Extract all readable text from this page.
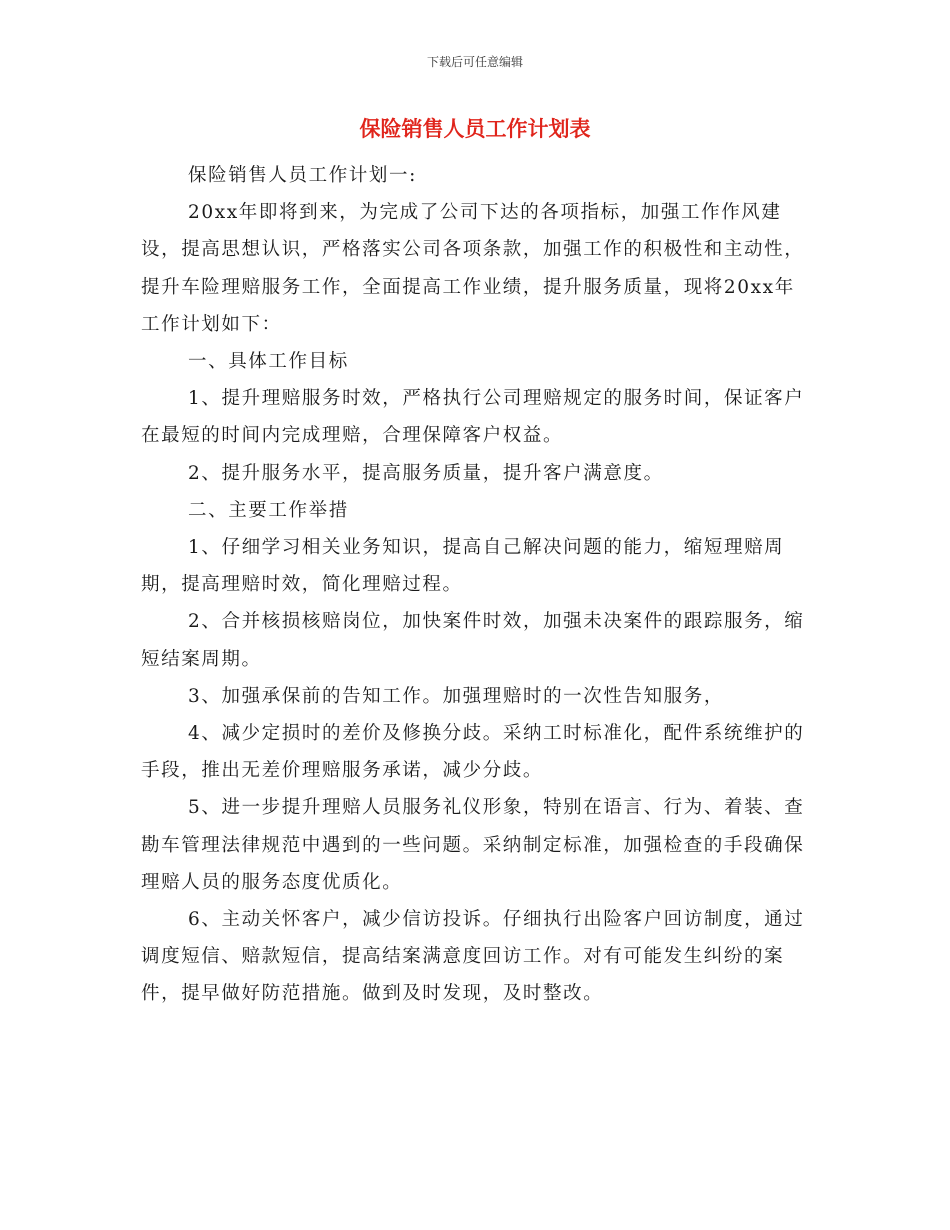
下载后可任意编辑
保险销售人员工作计划表

保险销售人员工作计划一:

20xx年即将到来，为完成了公司下达的各项指标，加强工作作风建设，提高思想认识，严格落实公司各项条款，加强工作的积极性和主动性，提升车险理赔服务工作，全面提高工作业绩，提升服务质量，现将20xx年工作计划如下：

一、具体工作目标

1、提升理赔服务时效，严格执行公司理赔规定的服务时间，保证客户在最短的时间内完成理赔，合理保障客户权益。

2、提升服务水平，提高服务质量，提升客户满意度。

二、主要工作举措

1、仔细学习相关业务知识，提高自己解决问题的能力，缩短理赔周期，提高理赔时效，简化理赔过程。

2、合并核损核赔岗位，加快案件时效，加强未决案件的跟踪服务，缩短结案周期。

3、加强承保前的告知工作。加强理赔时的一次性告知服务，

4、减少定损时的差价及修换分歧。采纳工时标准化，配件系统维护的手段，推出无差价理赔服务承诺，减少分歧。

5、进一步提升理赔人员服务礼仪形象，特别在语言、行为、着装、查勘车管理法律规范中遇到的一些问题。采纳制定标准，加强检查的手段确保理赔人员的服务态度优质化。

6、主动关怀客户，减少信访投诉。仔细执行出险客户回访制度，通过调度短信、赔款短信，提高结案满意度回访工作。对有可能发生纠纷的案件，提早做好防范措施。做到及时发现，及时整改。
